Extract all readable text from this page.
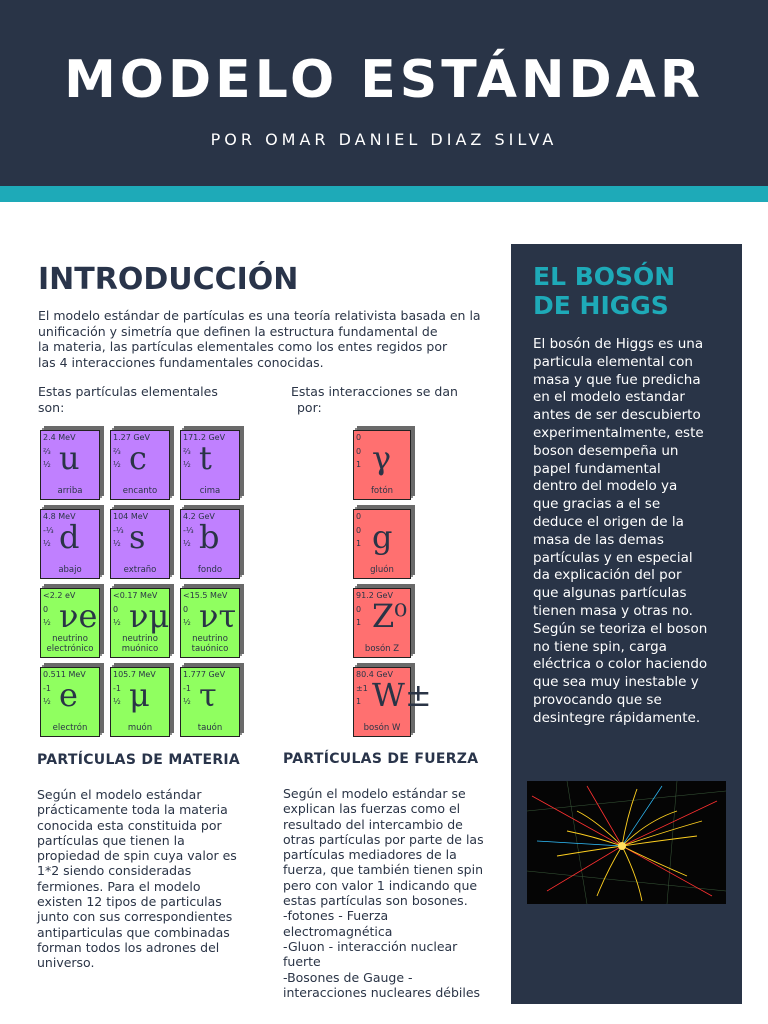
MODELO ESTÁNDAR
POR OMAR DANIEL DIAZ SILVA
INTRODUCCIÓN
El modelo estándar de partículas es una teoría relativista basada en la
unificación y simetría que definen la estructura fundamental de
la materia, las partículas elementales como los entes regidos por
las 4 interacciones fundamentales conocidas.
Estas partículas elementales
son:
Estas interacciones se dan
por:
2.4 MeV
⅔
½ u
arriba
1.27 GeV
⅔
½ c
encanto
171.2 GeV
⅔
½ t
cima
4.8 MeV
-⅓
½ d
abajo
104 MeV
-⅓
½ s
extraño
4.2 GeV
-⅓
½ b
fondo
<2.2 eV
0
½ νe
neutrino electrónico
<0.17 MeV
0
½ νμ
neutrino muónico
<15.5 MeV
0
½ ντ
neutrino tauónico
0.511 MeV
-1
½ e
electrón
105.7 MeV
-1
½ μ
muón
1.777 GeV
-1
½ τ
tauón
0
0
1 γ
fotón
0
0
1 g
gluón
91.2 GeV
0
1 Z⁰
bosón Z
80.4 GeV
±1
1 W±
bosón W
PARTÍCULAS DE MATERIA
Según el modelo estándar
prácticamente toda la materia
conocida esta constituida por
partículas que tienen la
propiedad de spin cuya valor es
1*2 siendo consideradas
fermiones. Para el modelo
existen 12 tipos de particulas
junto con sus correspondientes
antiparticulas que combinadas
forman todos los adrones del
universo.
PARTÍCULAS DE FUERZA
Según el modelo estándar se
explican las fuerzas como el
resultado del intercambio de
otras partículas por parte de las
partículas mediadores de la
fuerza, que también tienen spin
pero con valor 1 indicando que
estas partículas son bosones.
-fotones - Fuerza
electromagnética
-Gluon - interacción nuclear
fuerte
-Bosones de Gauge -
interacciones nucleares débiles
EL BOSÓN
DE HIGGS
El bosón de Higgs es una
particula elemental con
masa y que fue predicha
en el modelo estandar
antes de ser descubierto
experimentalmente, este
boson desempeña un
papel fundamental
dentro del modelo ya
que gracias a el se
deduce el origen de la
masa de las demas
partículas y en especial
da explicación del por
que algunas partículas
tienen masa y otras no.
Según se teoriza el boson
no tiene spin, carga
eléctrica o color haciendo
que sea muy inestable y
provocando que se
desintegre rápidamente.
